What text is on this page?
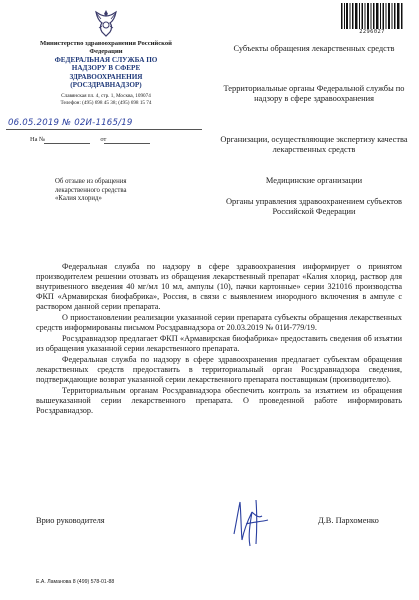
Министерство здравоохранения Российской Федерации
ФЕДЕРАЛЬНАЯ СЛУЖБА ПО НАДЗОРУ В СФЕРЕ ЗДРАВООХРАНЕНИЯ (РОСЗДРАВНАДЗОР)
Славянская пл. 4, стр. 1, Москва, 109074
Телефон: (495) 698 45 38; (495) 698 15 74
06.05.2019 № 02И-1165/19
На №	от
Об отзыве из обращения
лекарственного средства
«Калия хлорид»
2296027
Субъекты обращения лекарственных средств
Территориальные органы Федеральной службы по надзору в сфере здравоохранения
Организации, осуществляющие экспертизу качества лекарственных средств
Медицинские организации
Органы управления здравоохранением субъектов Российской Федерации

Федеральная служба по надзору в сфере здравоохранения информирует о принятом производителем решении отозвать из обращения лекарственный препарат «Калия хлорид, раствор для внутривенного введения 40 мг/мл 10 мл, ампулы (10), пачки картонные» серии 321016 производства ФКП «Армавирская биофабрика», Россия, в связи с выявлением инородного включения в ампуле с раствором данной серии препарата.

О приостановлении реализации указанной серии препарата субъекты обращения лекарственных средств информированы письмом Росздравнадзора от 20.03.2019 № 01И-779/19.

Росздравнадзор предлагает ФКП «Армавирская биофабрика» предоставить сведения об изъятии из обращения указанной серии лекарственного препарата.

Федеральная служба по надзору в сфере здравоохранения предлагает субъектам обращения лекарственных средств предоставить в территориальный орган Росздравнадзора сведения, подтверждающие возврат указанной серии лекарственного препарата поставщикам (производителю).

Территориальным органам Росздравнадзора обеспечить контроль за изъятием из обращения вышеуказанной серии лекарственного препарата. О проведенной работе информировать Росздравнадзор.

Врио руководителя	Д.В. Пархоменко
Е.А. Ламанова 8 (499) 578-01-88
